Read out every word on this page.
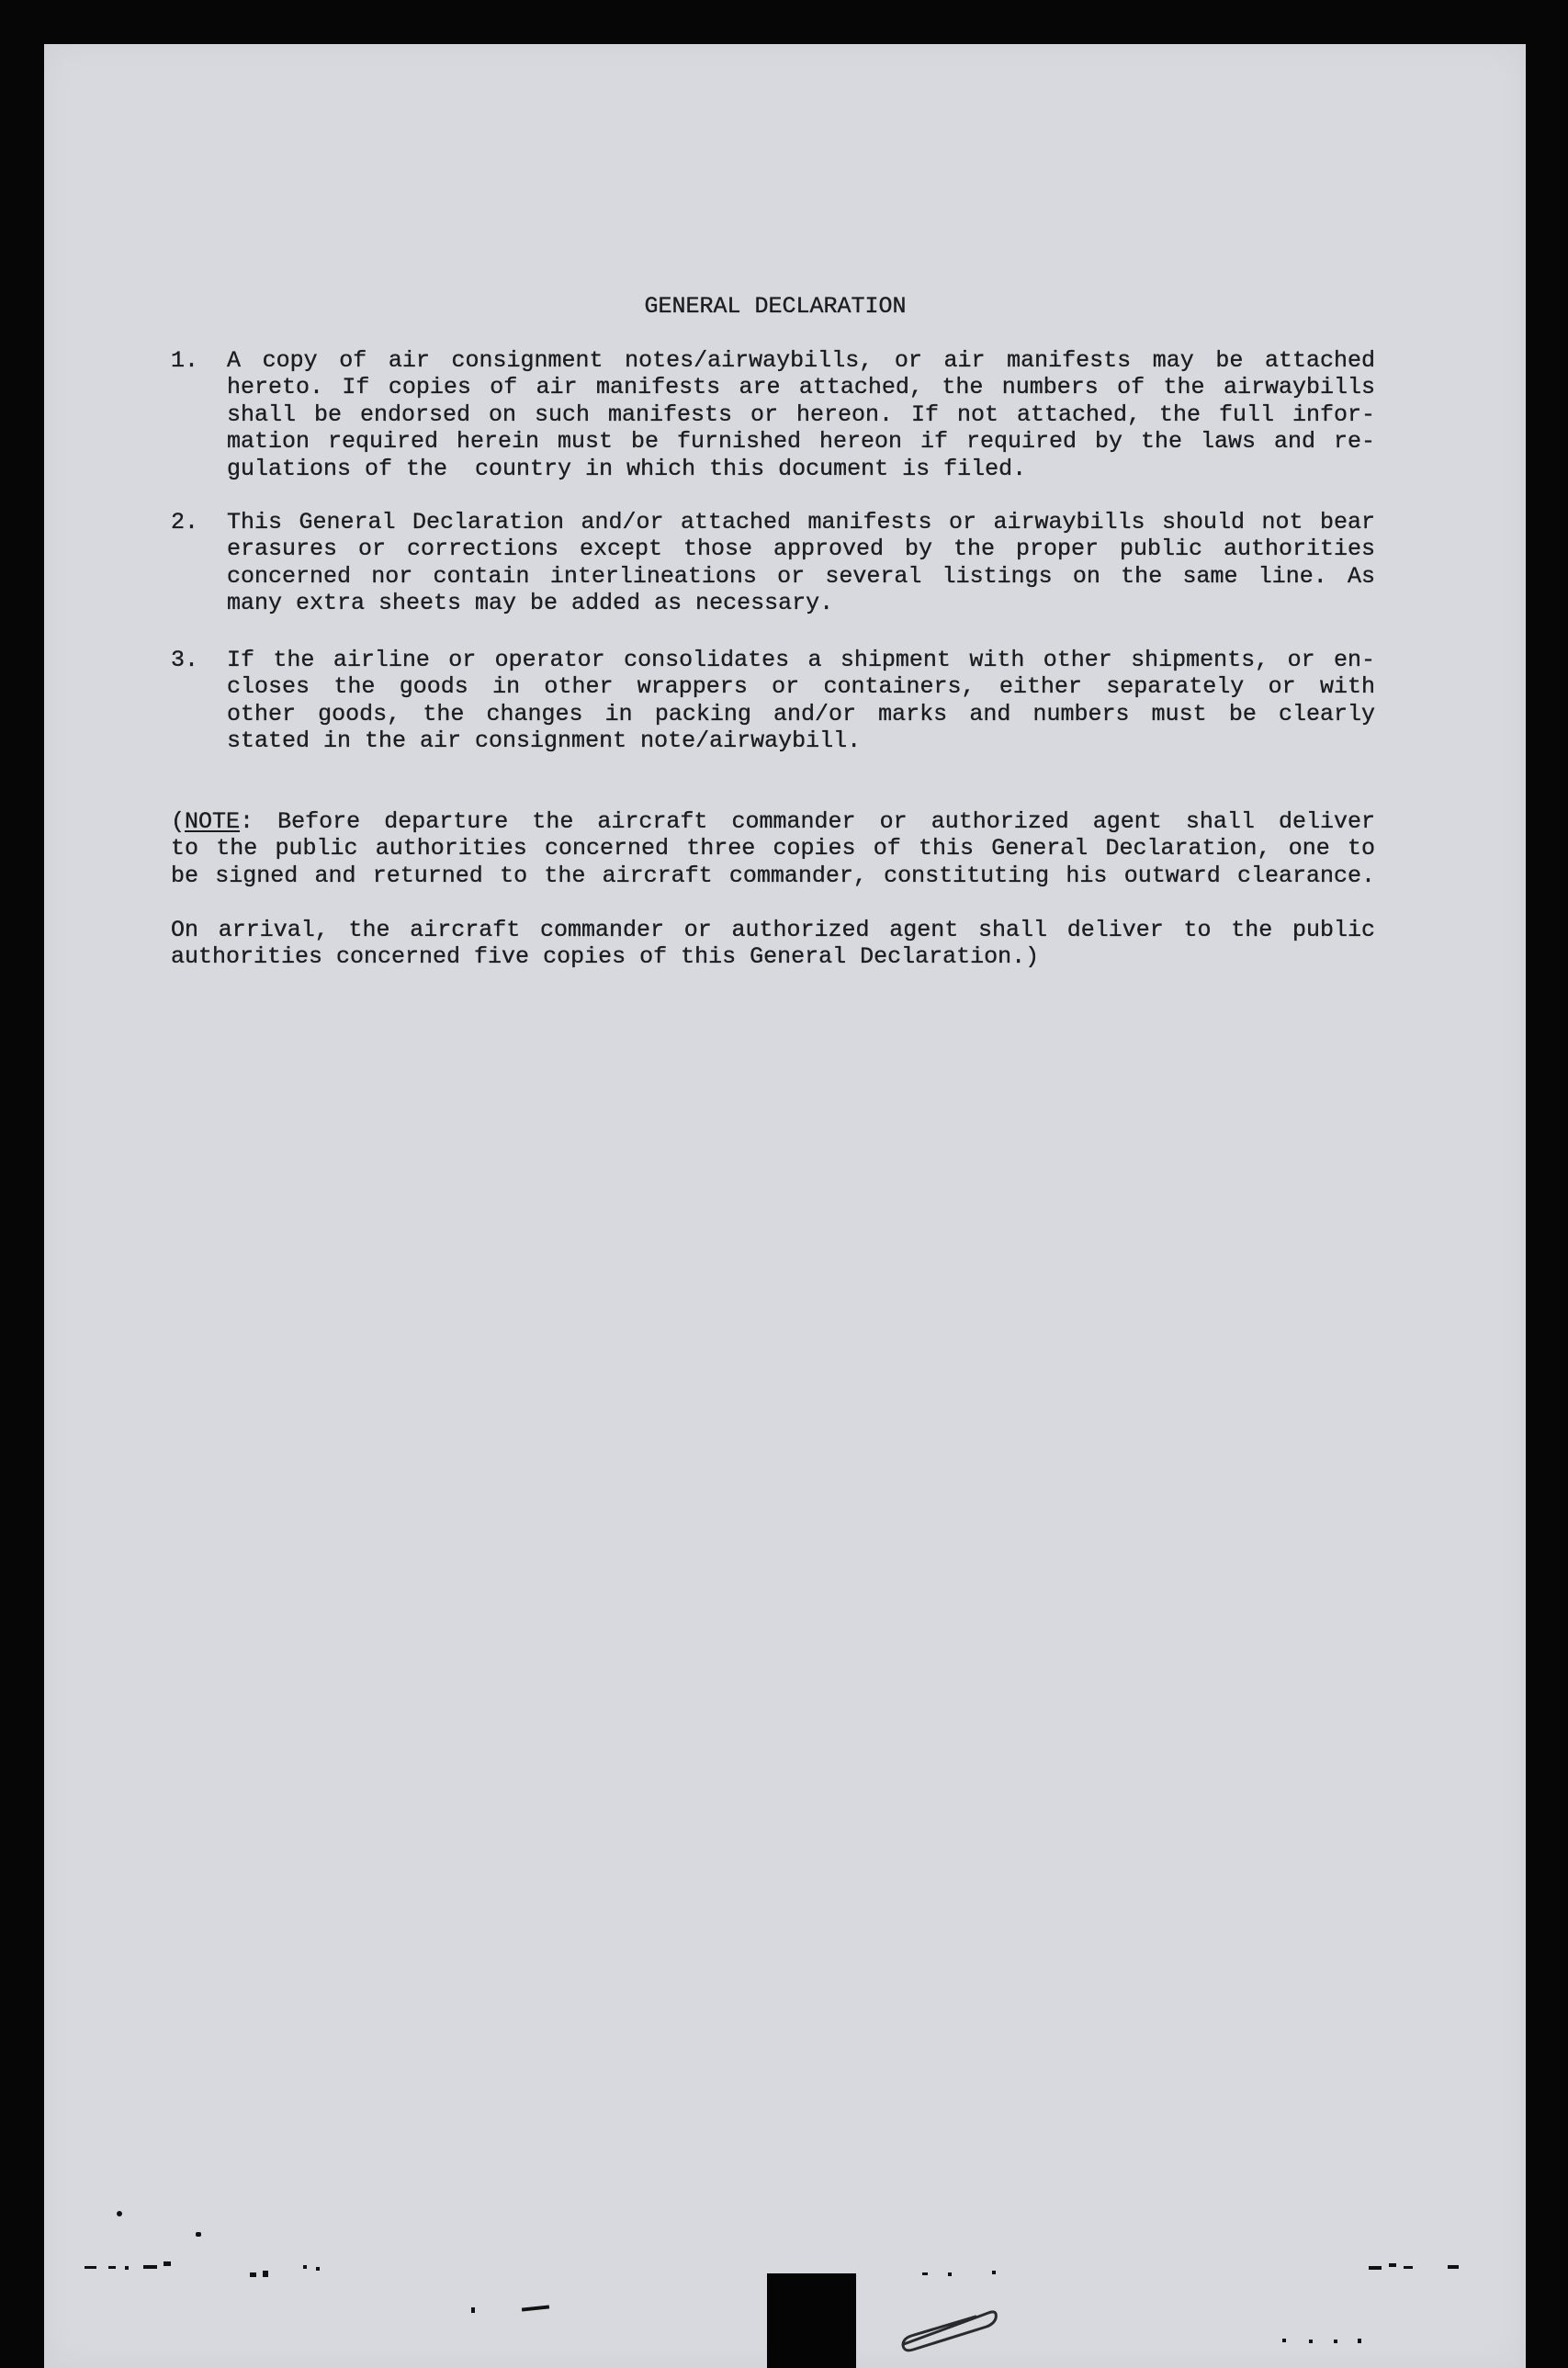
GENERAL DECLARATION
1. A copy of air consignment notes/airwaybills, or air manifests may be attached
hereto. If copies of air manifests are attached, the numbers of the airwaybills
shall be endorsed on such manifests or hereon. If not attached, the full infor-
mation required herein must be furnished hereon if required by the laws and re-
gulations of the  country in which this document is filed.
2. This General Declaration and/or attached manifests or airwaybills should not bear
erasures or corrections except those approved by the proper public authorities
concerned nor contain interlineations or several listings on the same line. As
many extra sheets may be added as necessary.
3. If the airline or operator consolidates a shipment with other shipments, or en-
closes the goods in other wrappers or containers, either separately or with
other goods, the changes in packing and/or marks and numbers must be clearly
stated in the air consignment note/airwaybill.
(NOTE: Before departure the aircraft commander or authorized agent shall deliver
to the public authorities concerned three copies of this General Declaration, one to
be signed and returned to the aircraft commander, constituting his outward clearance.
On arrival, the aircraft commander or authorized agent shall deliver to the public
authorities concerned five copies of this General Declaration.)
